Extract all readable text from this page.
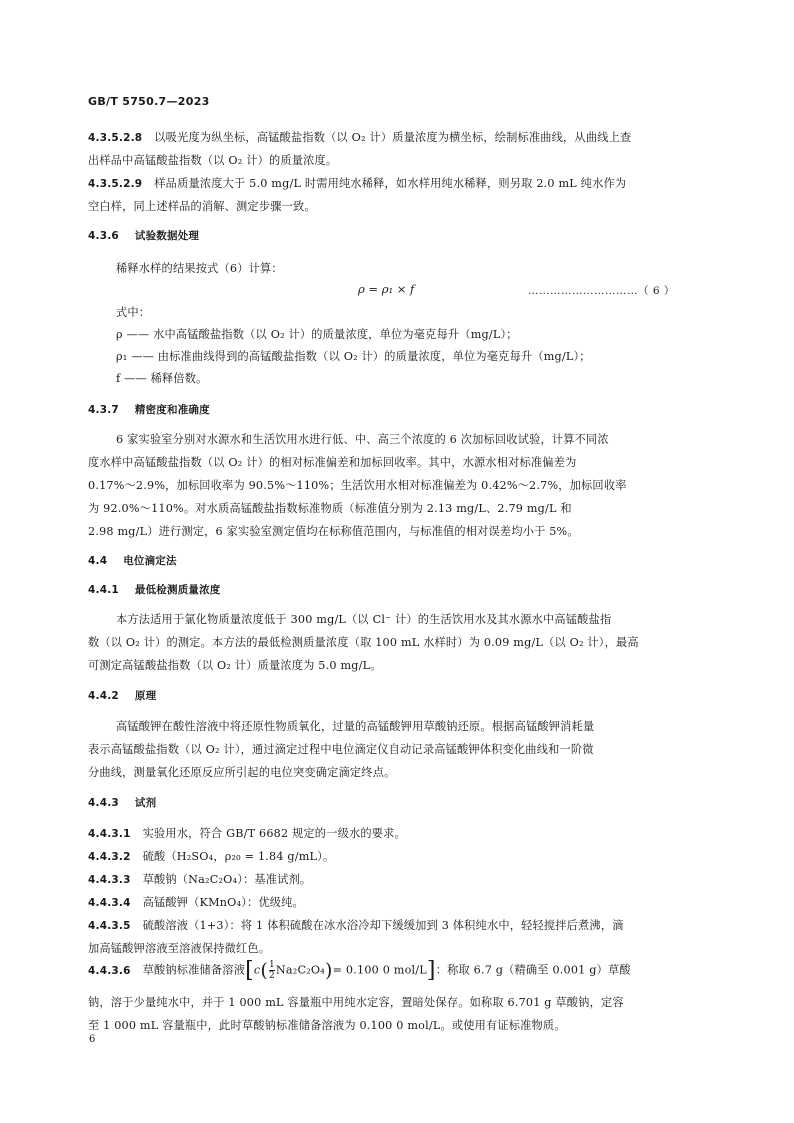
GB/T 5750.7—2023
4.3.5.2.8 以吸光度为纵坐标，高锰酸盐指数（以 O₂ 计）质量浓度为横坐标，绘制标准曲线，从曲线上查
出样品中高锰酸盐指数（以 O₂ 计）的质量浓度。
4.3.5.2.9 样品质量浓度大于 5.0 mg/L 时需用纯水稀释，如水样用纯水稀释，则另取 2.0 mL 纯水作为
空白样，同上述样品的消解、测定步骤一致。
4.3.6 试验数据处理
稀释水样的结果按式（6）计算：
ρ = ρ₁ × f	…………………………（ 6 ）
式中：
ρ —— 水中高锰酸盐指数（以 O₂ 计）的质量浓度，单位为毫克每升（mg/L）；
ρ₁ —— 由标准曲线得到的高锰酸盐指数（以 O₂ 计）的质量浓度，单位为毫克每升（mg/L）；
f —— 稀释倍数。
4.3.7 精密度和准确度
6 家实验室分别对水源水和生活饮用水进行低、中、高三个浓度的 6 次加标回收试验，计算不同浓
度水样中高锰酸盐指数（以 O₂ 计）的相对标准偏差和加标回收率。其中，水源水相对标准偏差为
0.17%～2.9%，加标回收率为 90.5%～110%；生活饮用水相对标准偏差为 0.42%～2.7%，加标回收率
为 92.0%～110%。对水质高锰酸盐指数标准物质（标准值分别为 2.13 mg/L、2.79 mg/L 和
2.98 mg/L）进行测定，6 家实验室测定值均在标称值范围内，与标准值的相对误差均小于 5%。
4.4 电位滴定法
4.4.1 最低检测质量浓度
本方法适用于氯化物质量浓度低于 300 mg/L（以 Cl⁻ 计）的生活饮用水及其水源水中高锰酸盐指
数（以 O₂ 计）的测定。本方法的最低检测质量浓度（取 100 mL 水样时）为 0.09 mg/L（以 O₂ 计），最高
可测定高锰酸盐指数（以 O₂ 计）质量浓度为 5.0 mg/L。
4.4.2 原理
高锰酸钾在酸性溶液中将还原性物质氧化，过量的高锰酸钾用草酸钠还原。根据高锰酸钾消耗量
表示高锰酸盐指数（以 O₂ 计），通过滴定过程中电位滴定仪自动记录高锰酸钾体积变化曲线和一阶微
分曲线，测量氧化还原反应所引起的电位突变确定滴定终点。
4.4.3 试剂
4.4.3.1 实验用水，符合 GB/T 6682 规定的一级水的要求。
4.4.3.2 硫酸（H₂SO₄，ρ₂₀ = 1.84 g/mL）。
4.4.3.3 草酸钠（Na₂C₂O₄）：基准试剂。
4.4.3.4 高锰酸钾（KMnO₄）：优级纯。
4.4.3.5 硫酸溶液（1+3）：将 1 体积硫酸在冰水浴冷却下缓缓加到 3 体积纯水中，轻轻搅拌后煮沸，滴
加高锰酸钾溶液至溶液保持微红色。
4.4.3.6 草酸钠标准储备溶液[$c( \frac{1}{2} Na_2C_2O_4)= 0.100$ 0 mol/L]：称取 6.7 g（精确至 0.001 g）草酸
钠，溶于少量纯水中，并于 1 000 mL 容量瓶中用纯水定容，置暗处保存。如称取 6.701 g 草酸钠，定容
至 1 000 mL 容量瓶中，此时草酸钠标准储备溶液为 0.100 0 mol/L。或使用有证标准物质。
6
